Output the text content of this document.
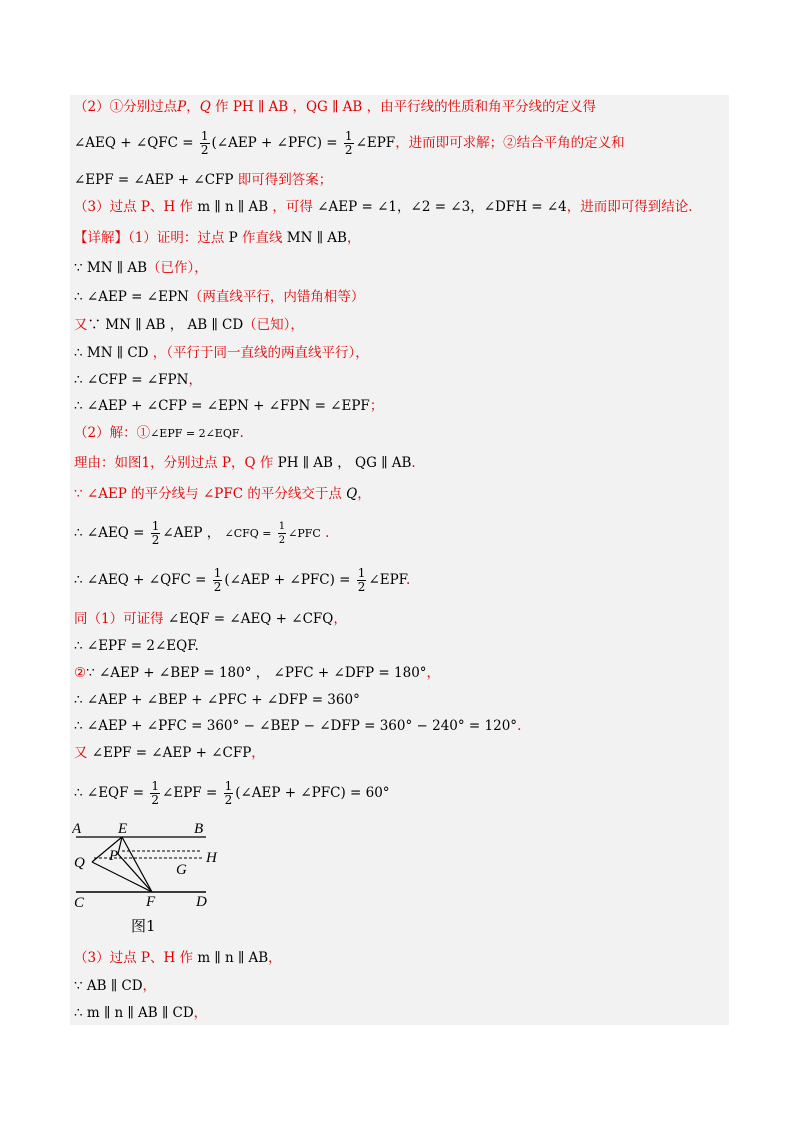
（2）①分别过点P，Q 作 PH ∥ AB ，QG ∥ AB ，由平行线的性质和角平分线的定义得
∠AEQ + ∠QFC = $\frac{1}{2}$ (∠AEP + ∠PFC) = $\frac{1}{2}$ ∠EPF，进而即可求解；②结合平角的定义和
∠EPF = ∠AEP + ∠CFP 即可得到答案；
（3）过点 P、H 作 m ∥ n ∥ AB ，可得 ∠AEP = ∠1，∠2 = ∠3，∠DFH = ∠4，进而即可得到结论.
【详解】（1）证明：过点 P 作直线 MN ∥ AB，
∵ MN ∥ AB（已作），
∴ ∠AEP = ∠EPN（两直线平行，内错角相等）
又∵ MN ∥ AB ， AB ∥ CD（已知），
∴ MN ∥ CD ，（平行于同一直线的两直线平行），
∴ ∠CFP = ∠FPN，
∴ ∠AEP + ∠CFP = ∠EPN + ∠FPN = ∠EPF；
（2）解：①∠EPF = 2∠EQF.
理由：如图1，分别过点 P，Q 作 PH ∥ AB ， QG ∥ AB.
∵ ∠AEP 的平分线与 ∠PFC 的平分线交于点 Q，
∴ ∠AEQ = $\frac{1}{2}$ ∠AEP ， ∠CFQ = $\frac{1}{2}$ ∠PFC .
∴ ∠AEQ + ∠QFC = $\frac{1}{2}$ (∠AEP + ∠PFC) = $\frac{1}{2}$ ∠EPF.
同（1）可证得 ∠EQF = ∠AEQ + ∠CFQ，
∴ ∠EPF = 2∠EQF.
②∵ ∠AEP + ∠BEP = 180° ， ∠PFC + ∠DFP = 180°，
∴ ∠AEP + ∠BEP + ∠PFC + ∠DFP = 360°
∴ ∠AEP + ∠PFC = 360° − ∠BEP − ∠DFP = 360° − 240° = 120°.
又 ∠EPF = ∠AEP + ∠CFP，
∴ ∠EQF = $\frac{1}{2}$ ∠EPF = $\frac{1}{2}$ (∠AEP + ∠PFC) = 60°
A E	B
P	H
Q	G
C	F	D
图1
（3）过点 P、H 作 m ∥ n ∥ AB，
∵ AB ∥ CD，
∴ m ∥ n ∥ AB ∥ CD，
